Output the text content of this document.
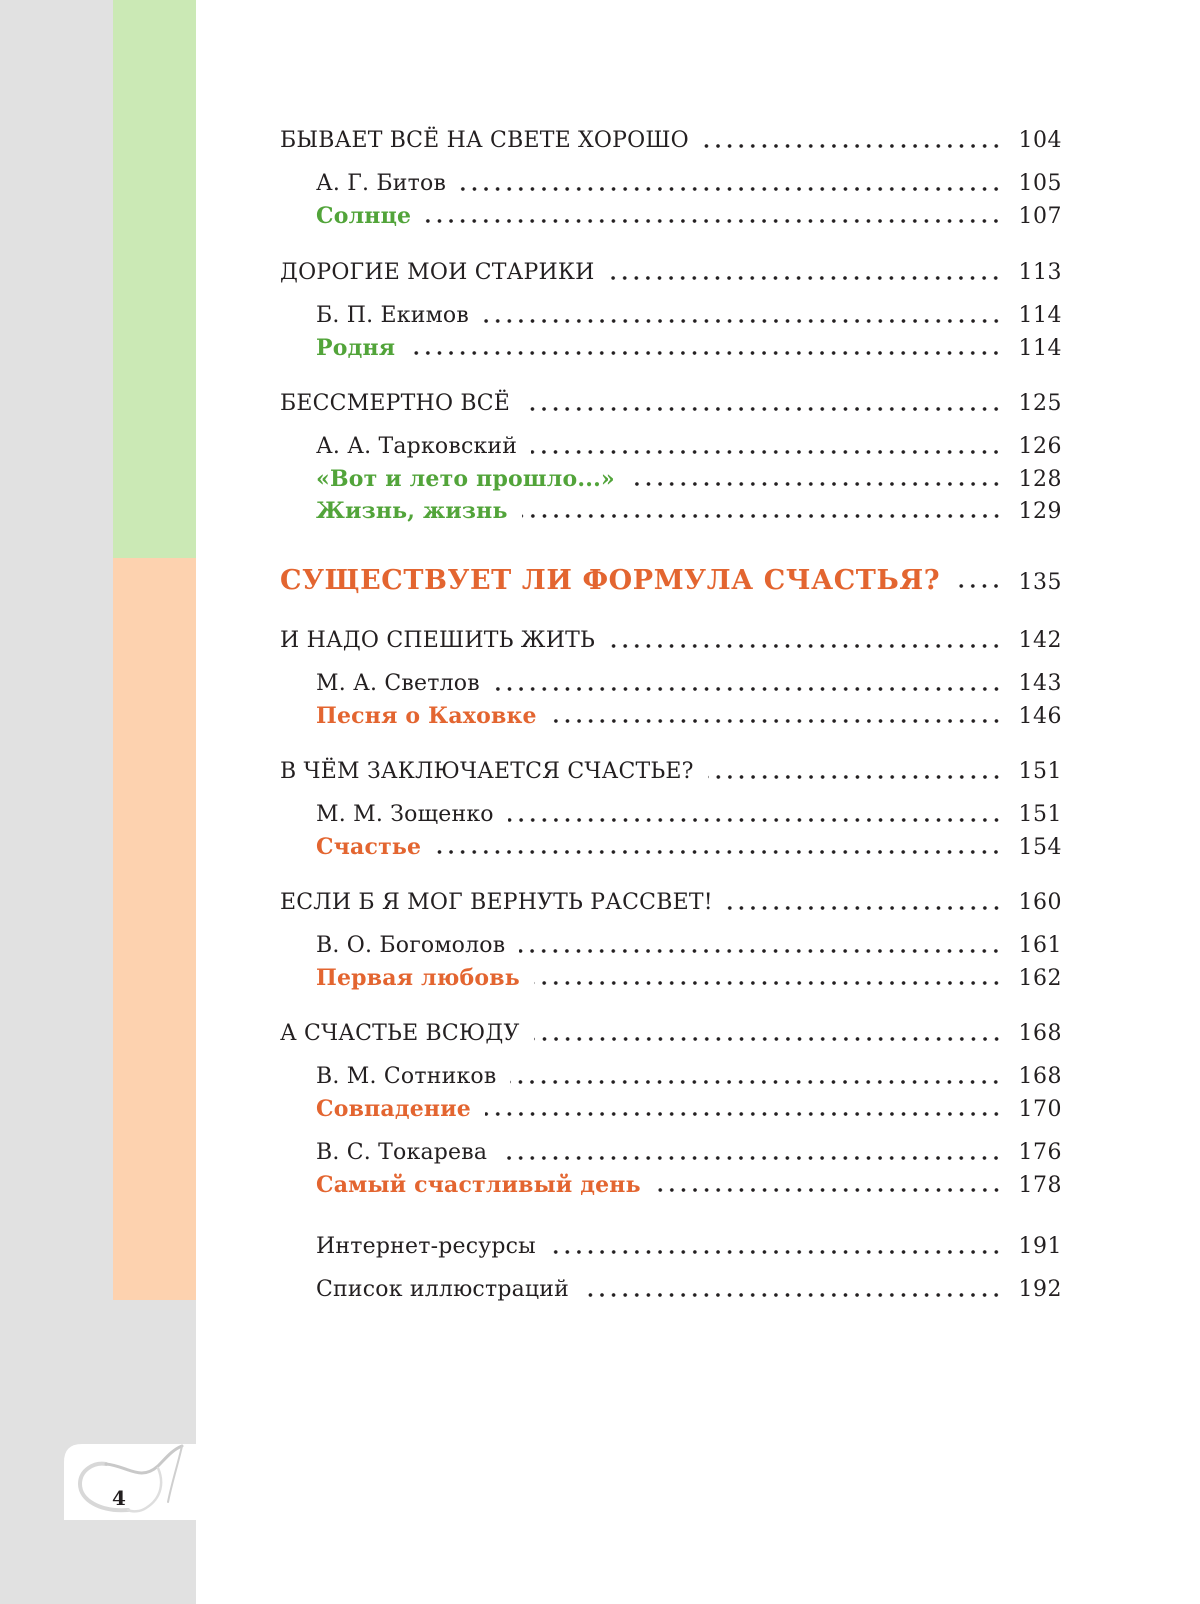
БЫВАЕТ ВСЁ НА СВЕТЕ ХОРОШО	104
А. Г. Битов	105
Солнце	107
ДОРОГИЕ МОИ СТАРИКИ	113
Б. П. Екимов	114
Родня	114
БЕССМЕРТНО ВСЁ	125
А. А. Тарковский	126
«Вот и лето прошло...»	128
Жизнь, жизнь	129
СУЩЕСТВУЕТ ЛИ ФОРМУЛА СЧАСТЬЯ?	135
И НАДО СПЕШИТЬ ЖИТЬ	142
М. А. Светлов	143
Песня о Каховке	146
В ЧЁМ ЗАКЛЮЧАЕТСЯ СЧАСТЬЕ?	151
М. М. Зощенко	151
Счастье	154
ЕСЛИ Б Я МОГ ВЕРНУТЬ РАССВЕТ!	160
В. О. Богомолов	161
Первая любовь	162
А СЧАСТЬЕ ВСЮДУ	168
В. М. Сотников	168
Совпадение	170
В. С. Токарева	176
Самый счастливый день	178
Интернет-ресурсы	191
Список иллюстраций	192
4
